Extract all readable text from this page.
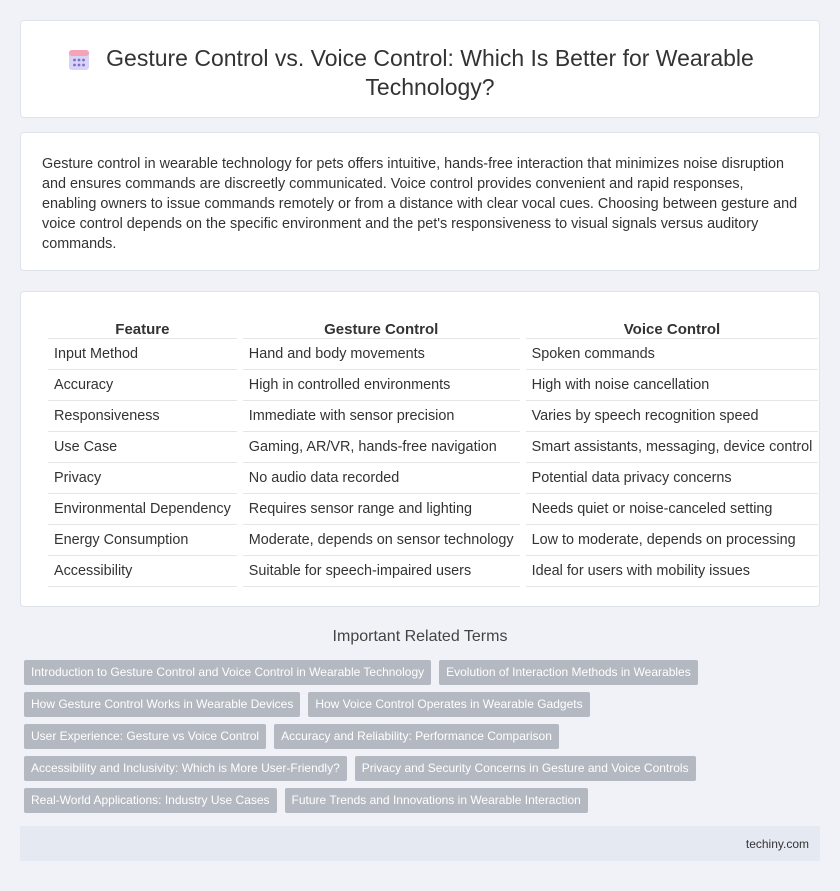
Gesture Control vs. Voice Control: Which Is Better for Wearable Technology?

Gesture control in wearable technology for pets offers intuitive, hands-free interaction that minimizes noise disruption and ensures commands are discreetly communicated. Voice control provides convenient and rapid responses, enabling owners to issue commands remotely or from a distance with clear vocal cues. Choosing between gesture and voice control depends on the specific environment and the pet's responsiveness to visual signals versus auditory commands.

Feature	Gesture Control	Voice Control
Input Method	Hand and body movements	Spoken commands
Accuracy	High in controlled environments	High with noise cancellation
Responsiveness	Immediate with sensor precision	Varies by speech recognition speed
Use Case	Gaming, AR/VR, hands-free navigation	Smart assistants, messaging, device control
Privacy	No audio data recorded	Potential data privacy concerns
Environmental Dependency	Requires sensor range and lighting	Needs quiet or noise-canceled setting
Energy Consumption	Moderate, depends on sensor technology	Low to moderate, depends on processing
Accessibility	Suitable for speech-impaired users	Ideal for users with mobility issues
Important Related Terms
Introduction to Gesture Control and Voice Control in Wearable Technology	Evolution of Interaction Methods in Wearables
How Gesture Control Works in Wearable Devices	How Voice Control Operates in Wearable Gadgets
User Experience: Gesture vs Voice Control	Accuracy and Reliability: Performance Comparison
Accessibility and Inclusivity: Which is More User-Friendly?	Privacy and Security Concerns in Gesture and Voice Controls
Real-World Applications: Industry Use Cases	Future Trends and Innovations in Wearable Interaction
techiny.com
